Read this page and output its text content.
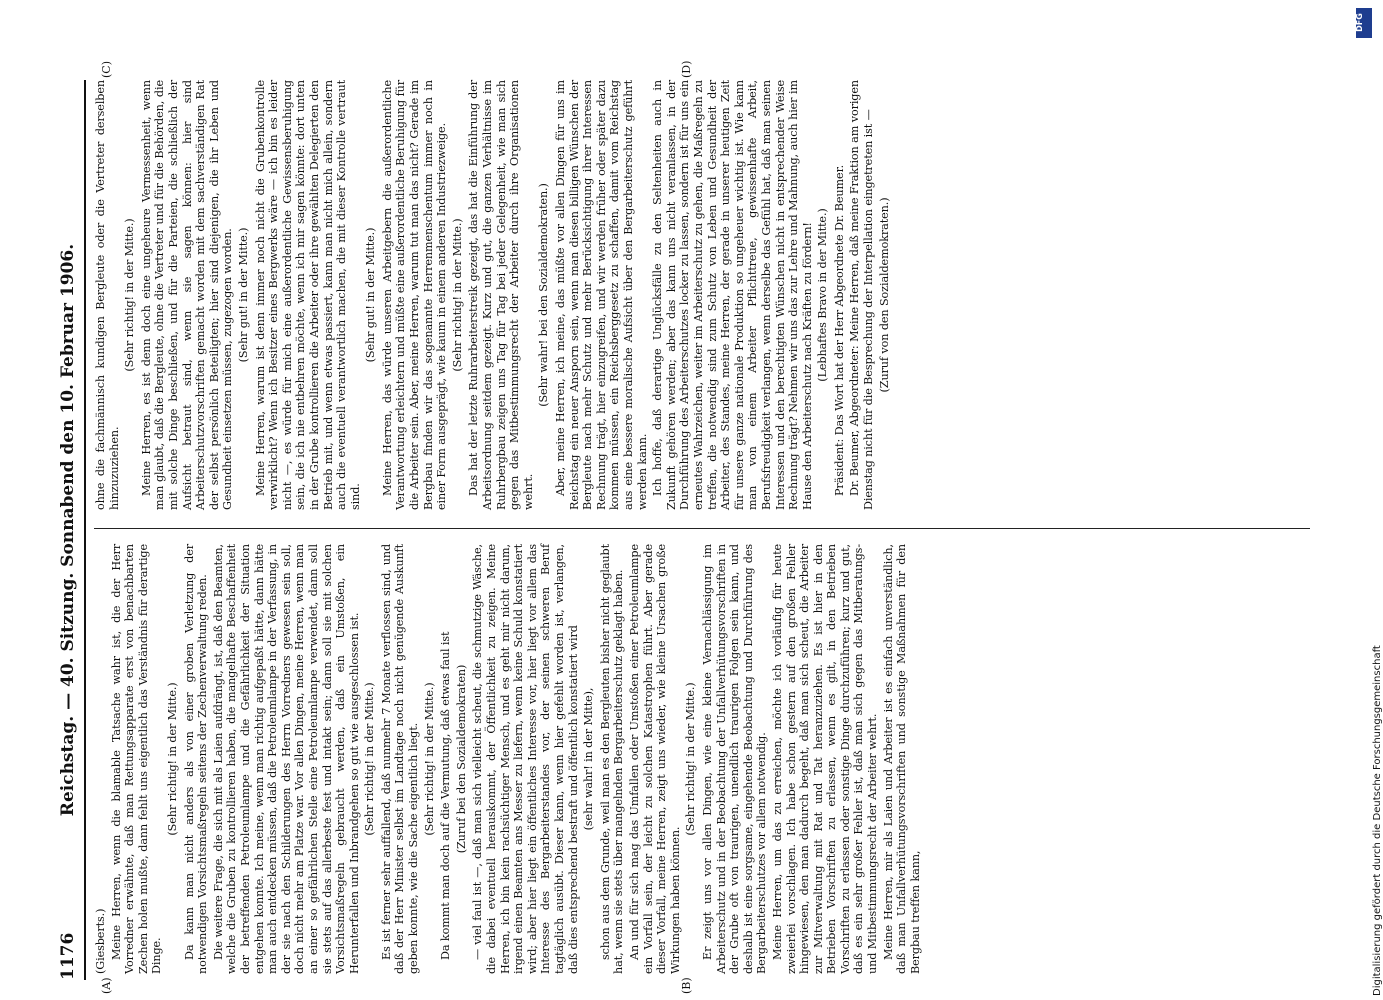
1176
Reichstag. — 40. Sitzung. Sonnabend den 10. Februar 1906.
(A)	(B)
(C)	(D)

(Giesberts.) Meine Herren, wenn die blamable Tatsache wahr ist, die der Herr Vorredner erwähnte, daß man Rettungsapparate erst von benachbarten Zechen holen mußte, dann fehlt uns eigentlich das Verständnis für derartige Dinge.

(Sehr richtig! in der Mitte.) Da kann man nicht anders als von einer groben Verletzung der notwendigen Vorsichtsmaßregeln seitens der Zechenverwaltung reden. Die weitere Frage, die sich mit als Laien aufdrängt, ist, daß den Beamten, welche die Gruben zu kontrollieren haben, die mangelhafte Beschaffenheit der betreffenden Petroleumlampe und die Gefährlichkeit der Situation entgehen konnte. Ich meine, wenn man richtig aufgepaßt hätte, dann hätte man auch entdecken müssen, daß die Petroleumlampe in der Verfassung, in der sie nach den Schilderungen des Herrn Vorredners gewesen sein soll, doch nicht mehr am Platze war. Vor allen Dingen, meine Herren, wenn man an einer so gefährlichen Stelle eine Petroleumlampe verwendet, dann soll sie stets auf das allerbeste fest und intakt sein; dann soll sie mit solchen Vorsichtsmaßregeln gebraucht werden, daß ein Umstoßen, ein Herunterfallen und Inbrandgehen so gut wie ausgeschlossen ist. (Sehr richtig! in der Mitte.) Es ist ferner sehr auffallend, daß nunmehr 7 Monate verflossen sind, und daß der Herr Minister selbst im Landtage noch nicht genügende Auskunft geben konnte, wie die Sache eigentlich liegt. (Sehr richtig! in der Mitte.) Da kommt man doch auf die Vermutung, daß etwas faul ist (Zuruf bei den Sozialdemokraten) — viel faul ist —, daß man sich vielleicht scheut, die schmutzige Wäsche, die dabei eventuell herauskommt, der Öffentlichkeit zu zeigen. Meine Herren, ich bin kein rachsüchtiger Mensch, und es geht mir nicht darum, irgend einen Beamten ans Messer zu liefern, wenn keine Schuld konstatiert wird; aber hier liegt ein öffentliches Interesse vor, hier liegt vor allem das Interesse des Bergarbeiterstandes vor, der seinen schweren Beruf tagtäglich ausübt. Dieser kann, wenn hier gefehlt worden ist, verlangen, daß dies entsprechend bestraft und öffentlich konstatiert wird (sehr wahr! in der Mitte), schon aus dem Grunde, weil man es den Bergleuten bisher nicht geglaubt hat, wenn sie stets über mangelnden Bergarbeiterschutz geklagt haben. An und für sich mag das Umfallen oder Umstoßen einer Petroleumlampe ein Vorfall sein, der leicht zu solchen Katastrophen führt. Aber gerade dieser Vorfall, meine Herren, zeigt uns wieder, wie kleine Ursachen große Wirkungen haben können.

(Sehr richtig! in der Mitte.) Er zeigt uns vor allen Dingen, wie eine kleine Vernachlässigung im Arbeiterschutz und in der Beobachtung der Unfallverhütungsvorschriften in der Grube oft von traurigen, unendlich traurigen Folgen sein kann, und deshalb ist eine sorgsame, eingehende Beobachtung und Durchführung des Bergarbeiterschutzes vor allem notwendig. Meine Herren, um das zu erreichen, möchte ich vorläufig für heute zweierlei vorschlagen. Ich habe schon gestern auf den großen Fehler hingewiesen, den man dadurch begeht, daß man sich scheut, die Arbeiter zur Mitverwaltung mit Rat und Tat heranzuziehen. Es ist hier in den Betrieben Vorschriften zu erlassen, wenn es gilt, in den Betrieben Vorschriften zu erlassen oder sonstige Dinge durchzuführen; kurz und gut, daß es ein sehr großer Fehler ist, daß man sich gegen das Mitberatungs- und Mitbestimmungsrecht der Arbeiter wehrt. Meine Herren, mir als Laien und Arbeiter ist es einfach unverständlich, daß man Unfallverhütungsvorschriften und sonstige Maßnahmen für den Bergbau treffen kann,

ohne die fachmännisch kundigen Bergleute oder die Vertreter derselben hinzuzuziehen.

(Sehr richtig! in der Mitte.) Meine Herren, es ist denn doch eine ungeheure Vermessenheit, wenn man glaubt, daß die Bergleute, ohne die Vertreter und für die Behörden, die mit solche Dinge beschließen, und für die Parteien, die schließlich der Aufsicht betraut sind, wenn sie sagen können: hier sind Arbeiterschutzvorschriften gemacht worden mit dem sachverständigen Rat der selbst persönlich Beteiligten; hier sind diejenigen, die ihr Leben und Gesundheit einsetzen müssen, zugezogen worden. (Sehr gut! in der Mitte.) Meine Herren, warum ist denn immer noch nicht die Grubenkontrolle verwirklicht? Wenn ich Besitzer eines Bergwerks wäre — ich bin es leider nicht —, es würde für mich eine außerordentliche Gewissensberuhigung sein, die ich nie entbehren möchte, wenn ich mir sagen könnte: dort unten in der Grube kontrollieren die Arbeiter oder ihre gewählten Delegierten den Betrieb mit, und wenn etwas passiert, kann man nicht mich allein, sondern auch die eventuell verantwortlich machen, die mit dieser Kontrolle vertraut sind.

(Sehr gut! in der Mitte.) Meine Herren, das würde unseren Arbeitgebern die außerordentliche Verantwortung erleichtern und müßte eine außerordentliche Beruhigung für die Arbeiter sein. Aber, meine Herren, warum tut man das nicht? Gerade im Bergbau finden wir das sogenannte Herrenmenschentum immer noch in einer Form ausgeprägt, wie kaum in einem anderen Industriezweige. (Sehr richtig! in der Mitte.) Das hat der letzte Ruhrarbeiterstreik gezeigt, das hat die Einführung der Arbeitsordnung seitdem gezeigt. Kurz und gut, die ganzen Verhältnisse im Ruhrbergbau zeigen uns Tag für Tag bei jeder Gelegenheit, wie man sich gegen das Mitbestimmungsrecht der Arbeiter durch ihre Organisationen wehrt.

(Sehr wahr! bei den Sozialdemokraten.) Aber, meine Herren, ich meine, das müßte vor allen Dingen für uns im Reichstag ein neuer Ansporn sein, wenn man diesen billigen Wünschen der Bergleute nach mehr Schutz und mehr Berücksichtigung ihrer Interessen Rechnung trägt, hier einzugreifen, und wir werden früher oder später dazu kommen müssen, ein Reichsberggesetz zu schaffen, damit vom Reichstag aus eine bessere moralische Aufsicht über den Bergarbeiterschutz geführt werden kann. Ich hoffe, daß derartige Unglücksfälle zu den Seltenheiten auch in Zukunft gehören werden; aber das kann uns nicht veranlassen, in der Durchführung des Arbeiterschutzes locker zu lassen, sondern ist für uns ein erneutes Wahrzeichen, weiter im Arbeiterschutz zu gehen, die Maßregeln zu treffen, die notwendig sind zum Schutz von Leben und Gesundheit der Arbeiter, des Standes, meine Herren, der gerade in unserer heutigen Zeit für unsere ganze nationale Produktion so ungeheuer wichtig ist. Wie kann man von einem Arbeiter Pflichttreue, gewissenhafte Arbeit, Berufsfreudigkeit verlangen, wenn derselbe das Gefühl hat, daß man seinen Interessen und den berechtigten Wünschen nicht in entsprechender Weise Rechnung trägt? Nehmen wir uns das zur Lehre und Mahnung, auch hier im Hause den Arbeiterschutz nach Kräften zu fördern! (Lebhaftes Bravo in der Mitte.) Präsident: Das Wort hat der Herr Abgeordnete Dr. Beumer. Dr. Beumer, Abgeordneter: Meine Herren, daß meine Fraktion am vorigen Dienstag nicht für die Besprechung der Interpellation eingetreten ist — (Zuruf von den Sozialdemokraten.)

Digitalisierung gefördert durch die Deutsche Forschungsgemeinschaft
DFG
